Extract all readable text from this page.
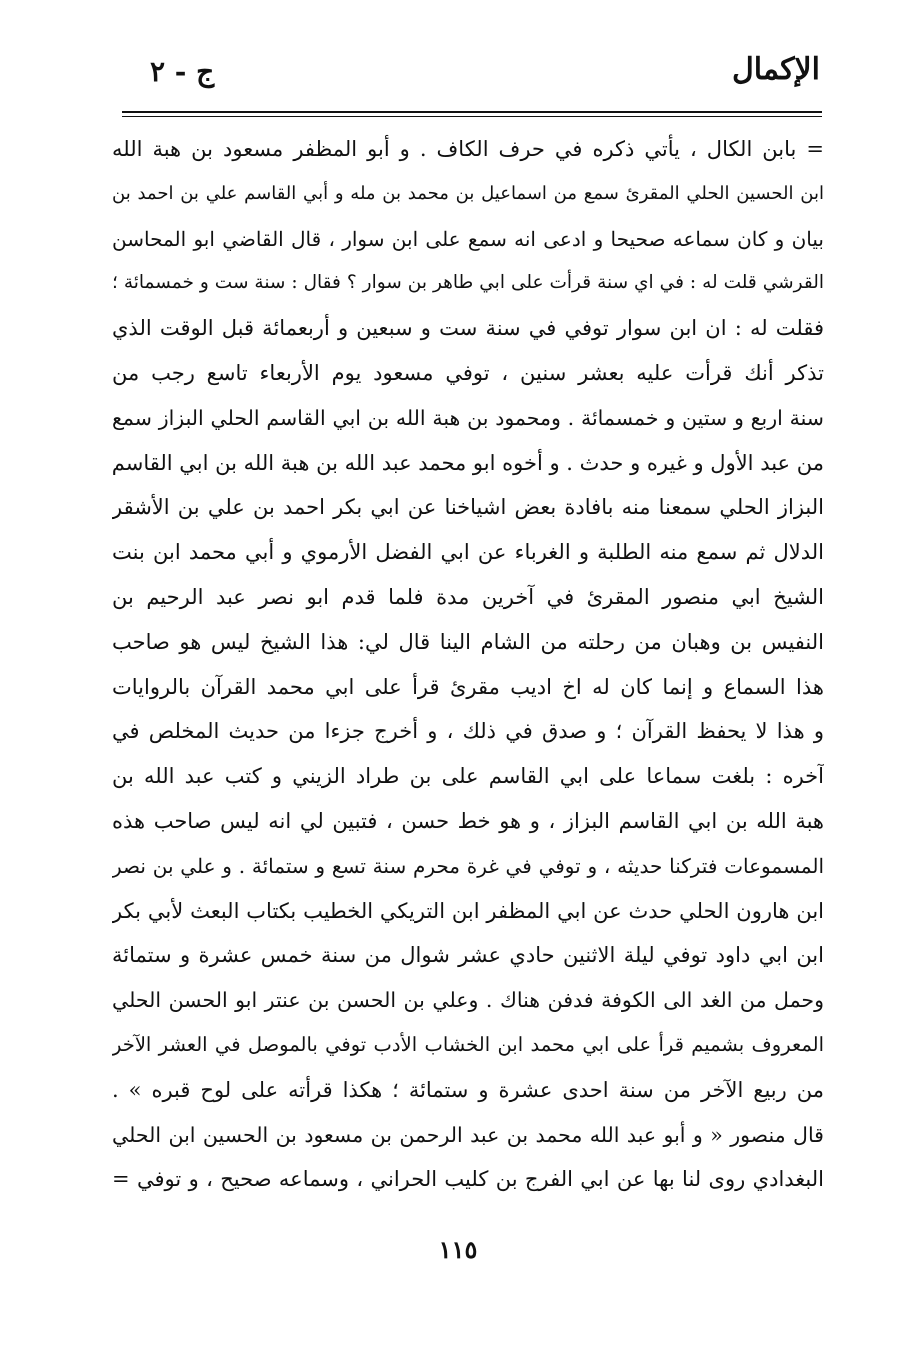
الإكمال
ج - ٢
= بابن الكال ، يأتي ذكره في حرف الكاف . و أبو المظفر مسعود بن هبة الله
ابن الحسين الحلي المقرئ سمع من اسماعيل بن محمد بن مله و أبي القاسم علي بن احمد بن
بيان و كان سماعه صحيحا و ادعى انه سمع على ابن سوار ، قال القاضي ابو المحاسن
القرشي قلت له : في اي سنة قرأت على ابي طاهر بن سوار ؟ فقال : سنة ست و خمسمائة ؛
فقلت له : ان ابن سوار توفي في سنة ست و سبعين و أربعمائة قبل الوقت الذي
تذكر أنك قرأت عليه بعشر سنين ، توفي مسعود يوم الأربعاء تاسع رجب من
سنة اربع و ستين و خمسمائة . ومحمود بن هبة الله بن ابي القاسم الحلي البزاز سمع
من عبد الأول و غيره و حدث . و أخوه ابو محمد عبد الله بن هبة الله بن ابي القاسم
البزاز الحلي سمعنا منه بافادة بعض اشياخنا عن ابي بكر احمد بن علي بن الأشقر
الدلال ثم سمع منه الطلبة و الغرباء عن ابي الفضل الأرموي و أبي محمد ابن بنت
الشيخ ابي منصور المقرئ في آخرين مدة فلما قدم ابو نصر عبد الرحيم بن
النفيس بن وهبان من رحلته من الشام الينا قال لي: هذا الشيخ ليس هو صاحب
هذا السماع و إنما كان له اخ اديب مقرئ قرأ على ابي محمد القرآن بالروايات
و هذا لا يحفظ القرآن ؛ و صدق في ذلك ، و أخرج جزءا من حديث المخلص في
آخره : بلغت سماعا على ابي القاسم على بن طراد الزيني و كتب عبد الله بن
هبة الله بن ابي القاسم البزاز ، و هو خط حسن ، فتبين لي انه ليس صاحب هذه
المسموعات فتركنا حديثه ، و توفي في غرة محرم سنة تسع و ستمائة . و علي بن نصر
ابن هارون الحلي حدث عن ابي المظفر ابن التريكي الخطيب بكتاب البعث لأبي بكر
ابن ابي داود توفي ليلة الاثنين حادي عشر شوال من سنة خمس عشرة و ستمائة
وحمل من الغد الى الكوفة فدفن هناك . وعلي بن الحسن بن عنتر ابو الحسن الحلي
المعروف بشميم قرأ على ابي محمد ابن الخشاب الأدب توفي بالموصل في العشر الآخر
من ربيع الآخر من سنة احدى عشرة و ستمائة ؛ هكذا قرأته على لوح قبره » .
قال منصور « و أبو عبد الله محمد بن عبد الرحمن بن مسعود بن الحسين ابن الحلي
البغدادي روى لنا بها عن ابي الفرج بن كليب الحراني ، وسماعه صحيح ، و توفي =
١١٥
